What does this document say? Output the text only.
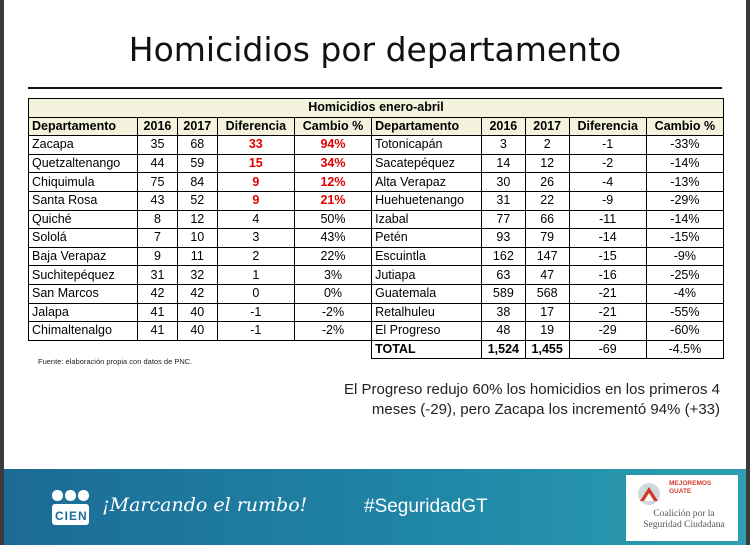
Homicidios por departamento
Homicidios enero-abril									
Departamento	2016	2017	Diferencia	Cambio %	Departamento	2016	2017	Diferencia	Cambio %
Zacapa	35	68	33	94%	Totonicapán	3	2	-1	-33%
Quetzaltenango	44	59	15	34%	Sacatepéquez	14	12	-2	-14%
Chiquimula	75	84	9	12%	Alta Verapaz	30	26	-4	-13%
Santa Rosa	43	52	9	21%	Huehuetenango	31	22	-9	-29%
Quiché	8	12	4	50%	Izabal	77	66	-11	-14%
Sololá	7	10	3	43%	Petén	93	79	-14	-15%
Baja Verapaz	9	11	2	22%	Escuintla	162	147	-15	-9%
Suchitepéquez	31	32	1	3%	Jutiapa	63	47	-16	-25%
San Marcos	42	42	0	0%	Guatemala	589	568	-21	-4%
Jalapa	41	40	-1	-2%	Retalhuleu	38	17	-21	-55%
Chimaltenalgo	41	40	-1	-2%	El Progreso	48	19	-29	-60%
					TOTAL	1,524	1,455	-69	-4.5%
Fuente: elaboración propia con datos de PNC.
El Progreso redujo 60% los homicidios en los primeros 4
meses (-29), pero Zacapa los incrementó 94% (+33)
CIEN ¡Marcando el rumbo!	#SeguridadGT
MEJOREMOS
GUATE
Coalición por la
Seguridad Ciudadana
